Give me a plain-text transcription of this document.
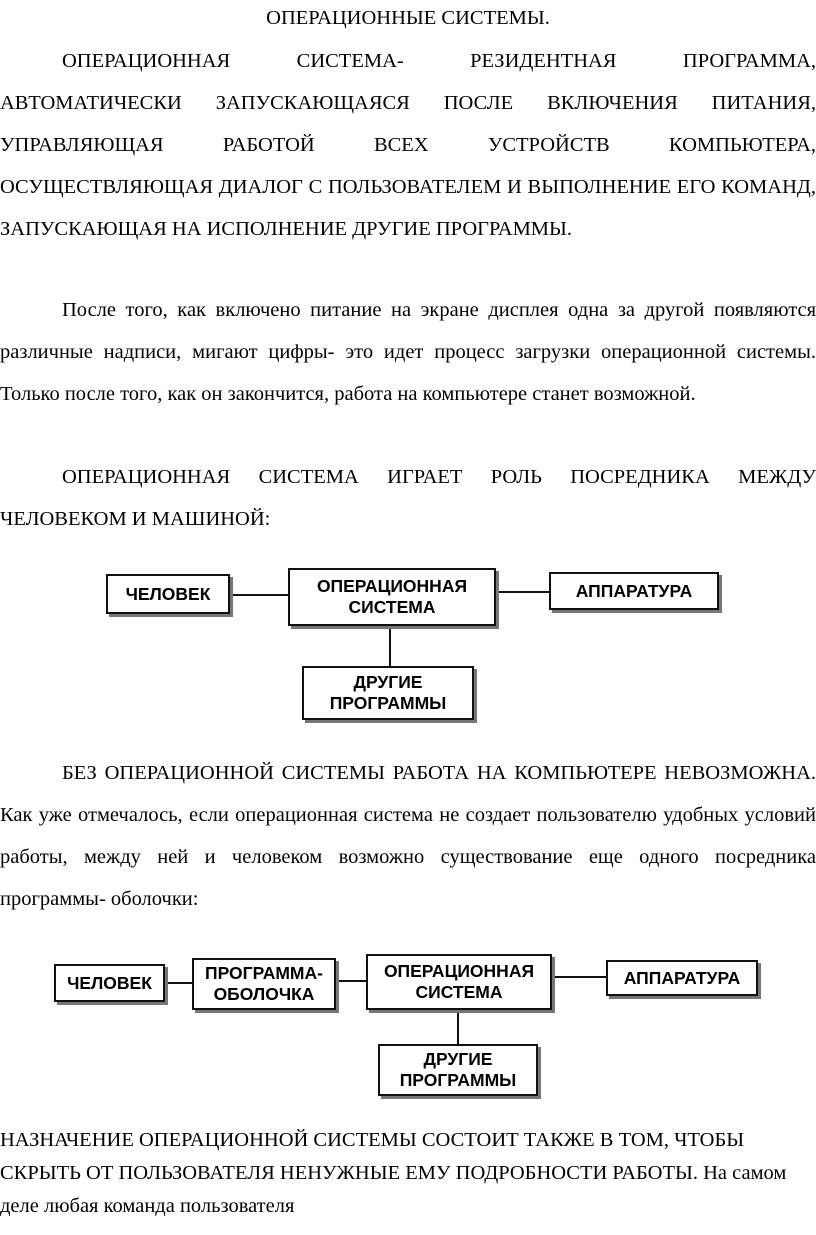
ОПЕРАЦИОННЫЕ СИСТЕМЫ.

ОПЕРАЦИОННАЯ СИСТЕМА- РЕЗИДЕНТНАЯ ПРОГРАММА, АВТОМАТИЧЕСКИ ЗАПУСКАЮЩАЯСЯ ПОСЛЕ ВКЛЮЧЕНИЯ ПИТАНИЯ, УПРАВЛЯЮЩАЯ РАБОТОЙ ВСЕХ УСТРОЙСТВ КОМПЬЮТЕРА, ОСУЩЕСТВЛЯЮЩАЯ ДИАЛОГ С ПОЛЬЗОВАТЕЛЕМ И ВЫПОЛНЕНИЕ ЕГО КОМАНД, ЗАПУСКАЮЩАЯ НА ИСПОЛНЕНИЕ ДРУГИЕ ПРОГРАММЫ.

После того, как включено питание на экране дисплея одна за другой появляются различные надписи, мигают цифры- это идет процесс загрузки операционной системы. Только после того, как он закончится, работа на компьютере станет возможной.

ОПЕРАЦИОННАЯ СИСТЕМА ИГРАЕТ РОЛЬ ПОСРЕДНИКА МЕЖДУ ЧЕЛОВЕКОМ И МАШИНОЙ:

ЧЕЛОВЕК	ОПЕРАЦИОННАЯ
СИСТЕМА
АППАРАТУРА
ДРУГИЕ
ПРОГРАММЫ

БЕЗ ОПЕРАЦИОННОЙ СИСТЕМЫ РАБОТА НА КОМПЬЮТЕРЕ НЕВОЗМОЖНА. Как уже отмечалось, если операционная система не создает пользователю удобных условий работы, между ней и человеком возможно существование еще одного посредника программы- оболочки:

ЧЕЛОВЕК	ПРОГРАММА-
ОБОЛОЧКА
ОПЕРАЦИОННАЯ
СИСТЕМА
АППАРАТУРА
ДРУГИЕ
ПРОГРАММЫ

НАЗНАЧЕНИЕ ОПЕРАЦИОННОЙ СИСТЕМЫ СОСТОИТ ТАКЖЕ В ТОМ, ЧТОБЫ СКРЫТЬ ОТ ПОЛЬЗОВАТЕЛЯ НЕНУЖНЫЕ ЕМУ ПОДРОБНОСТИ РАБОТЫ. На самом деле любая команда пользователя
